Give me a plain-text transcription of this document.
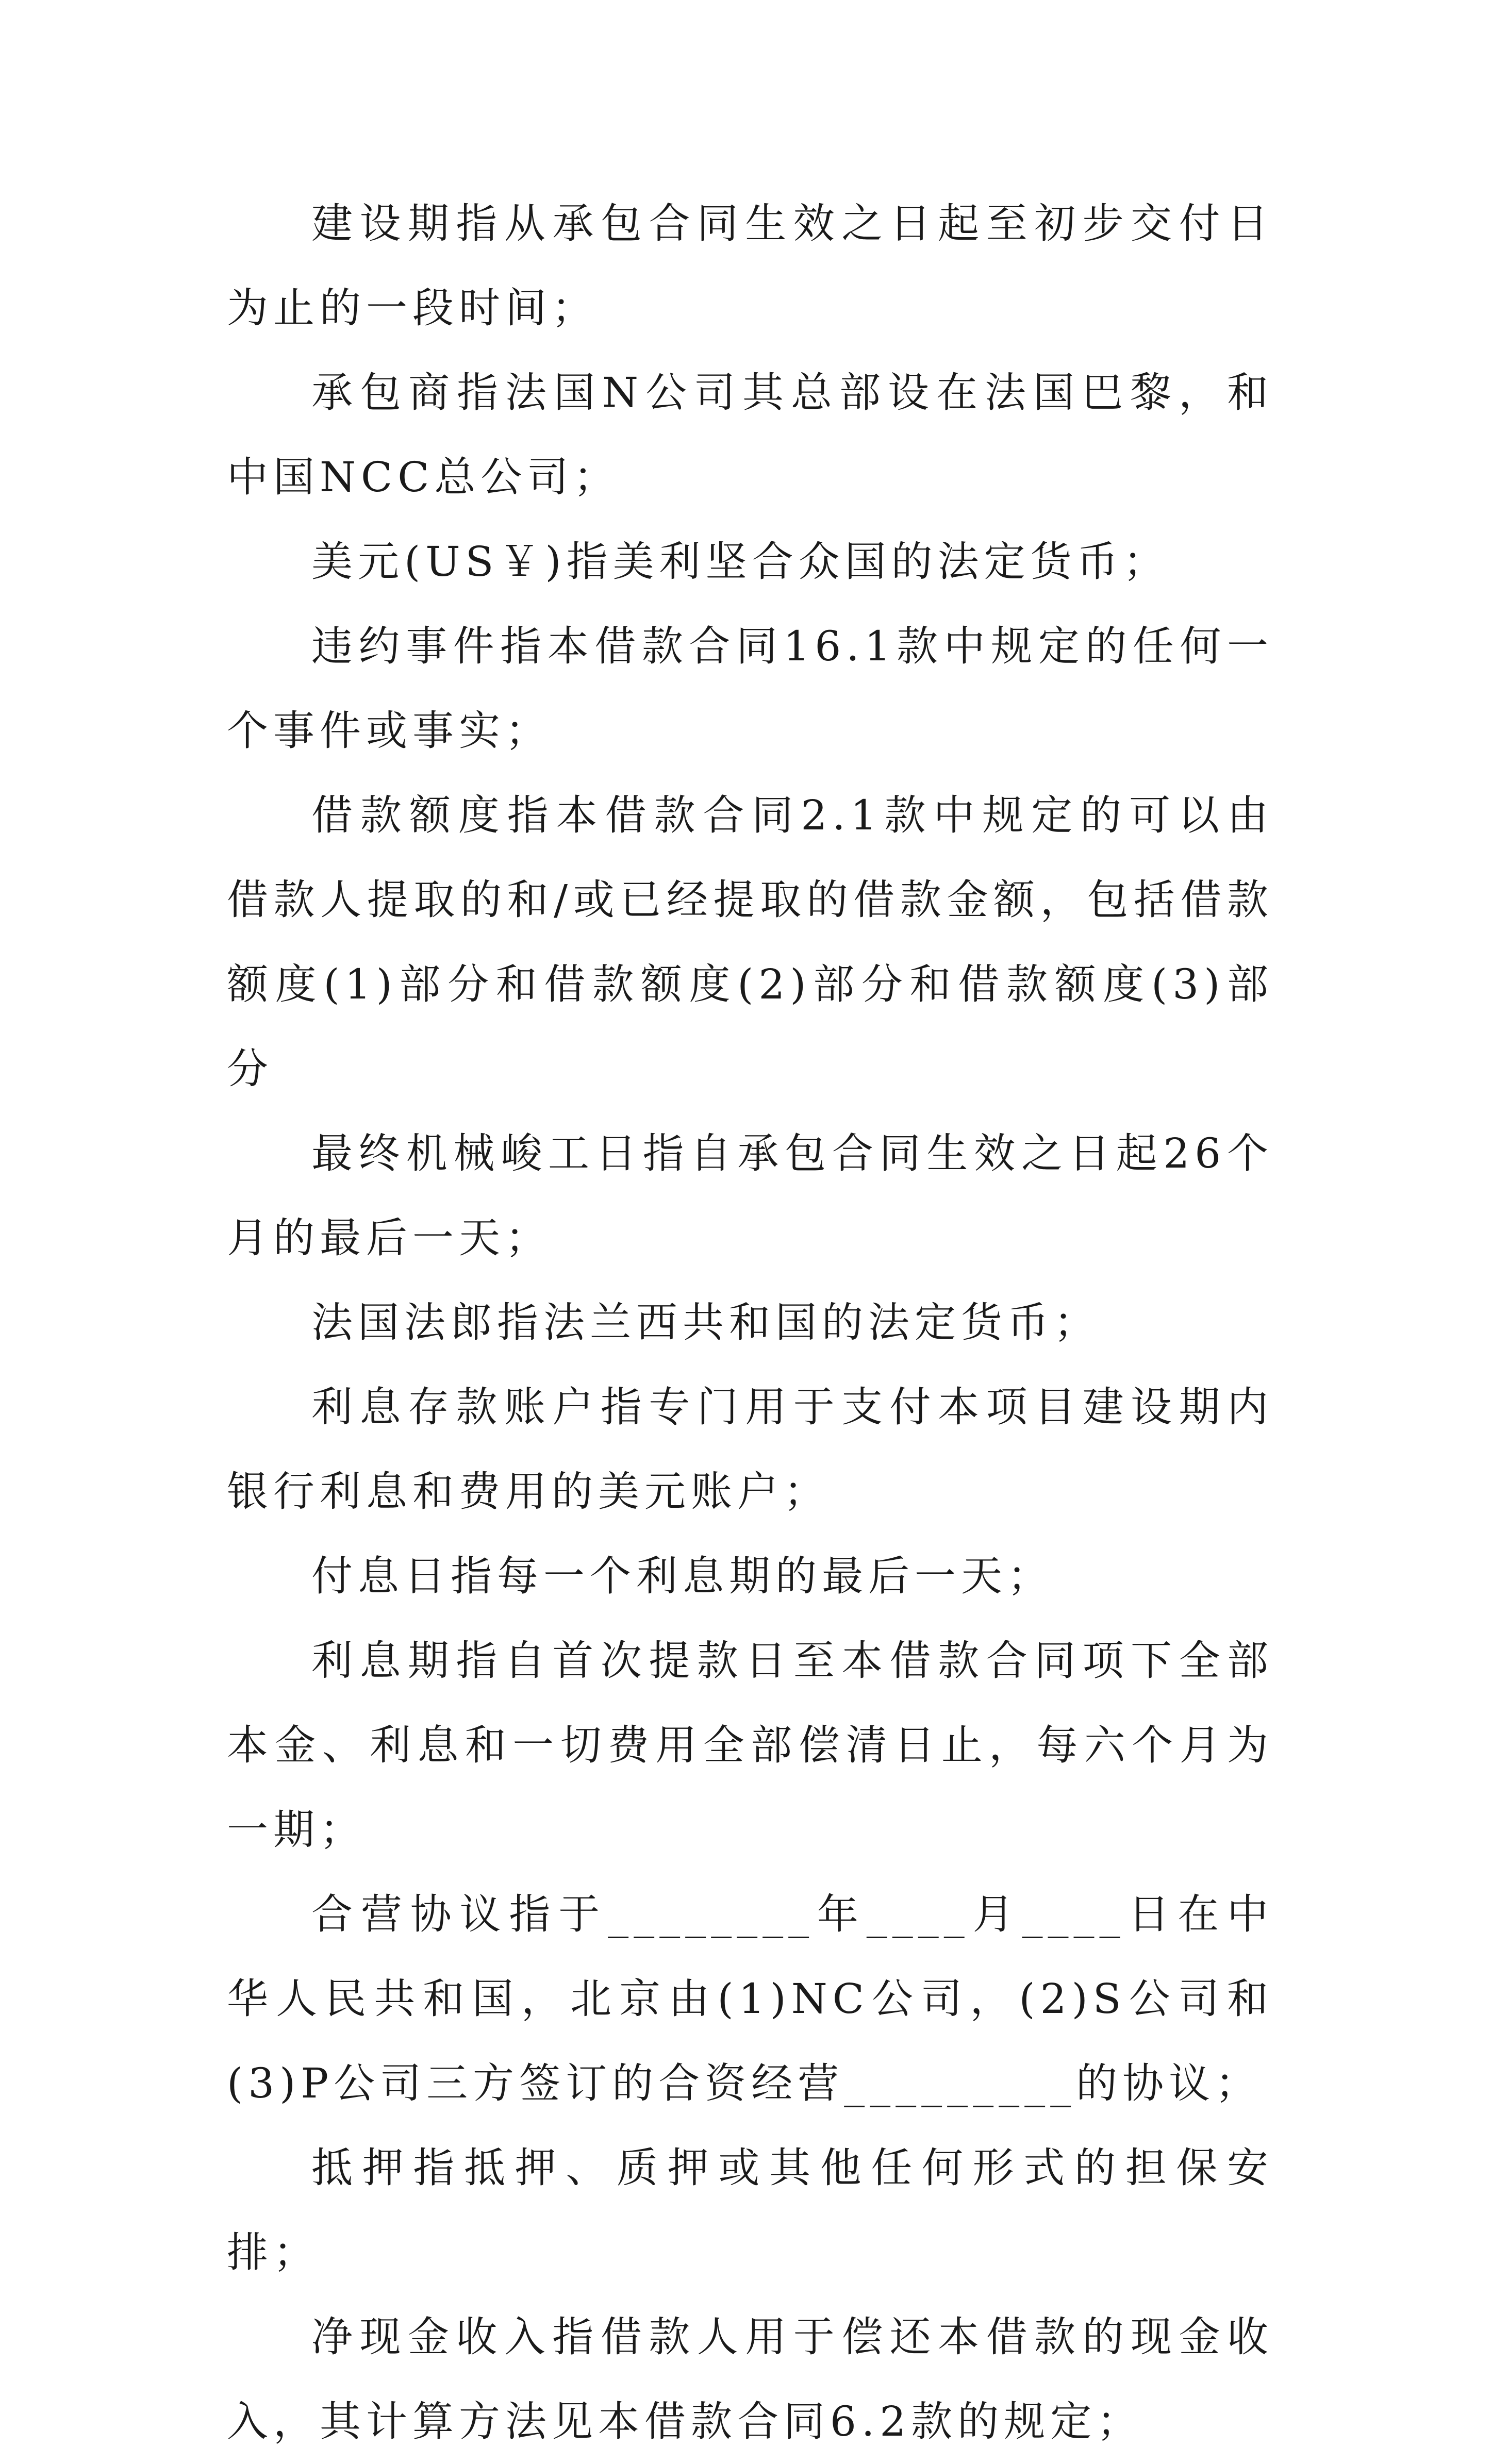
建设期指从承包合同生效之日起至初步交付日为止的一段时间；

承包商指法国N公司其总部设在法国巴黎，和中国NCC总公司；

美元(US￥)指美利坚合众国的法定货币；

违约事件指本借款合同16.1款中规定的任何一个事件或事实；

借款额度指本借款合同2.1款中规定的可以由借款人提取的和/或已经提取的借款金额，包括借款额度(1)部分和借款额度(2)部分和借款额度(3)部分

最终机械峻工日指自承包合同生效之日起26个月的最后一天；

法国法郎指法兰西共和国的法定货币；

利息存款账户指专门用于支付本项目建设期内银行利息和费用的美元账户；

付息日指每一个利息期的最后一天；

利息期指自首次提款日至本借款合同项下全部本金、利息和一切费用全部偿清日止，每六个月为一期；

合营协议指于________年____月____日在中华人民共和国，北京由(1)NC公司，(2)S公司和(3)P公司三方签订的合资经营_________的协议；

抵押指抵押、质押或其他任何形式的担保安排；

净现金收入指借款人用于偿还本借款的现金收入，其计算方法见本借款合同6.2款的规定；
